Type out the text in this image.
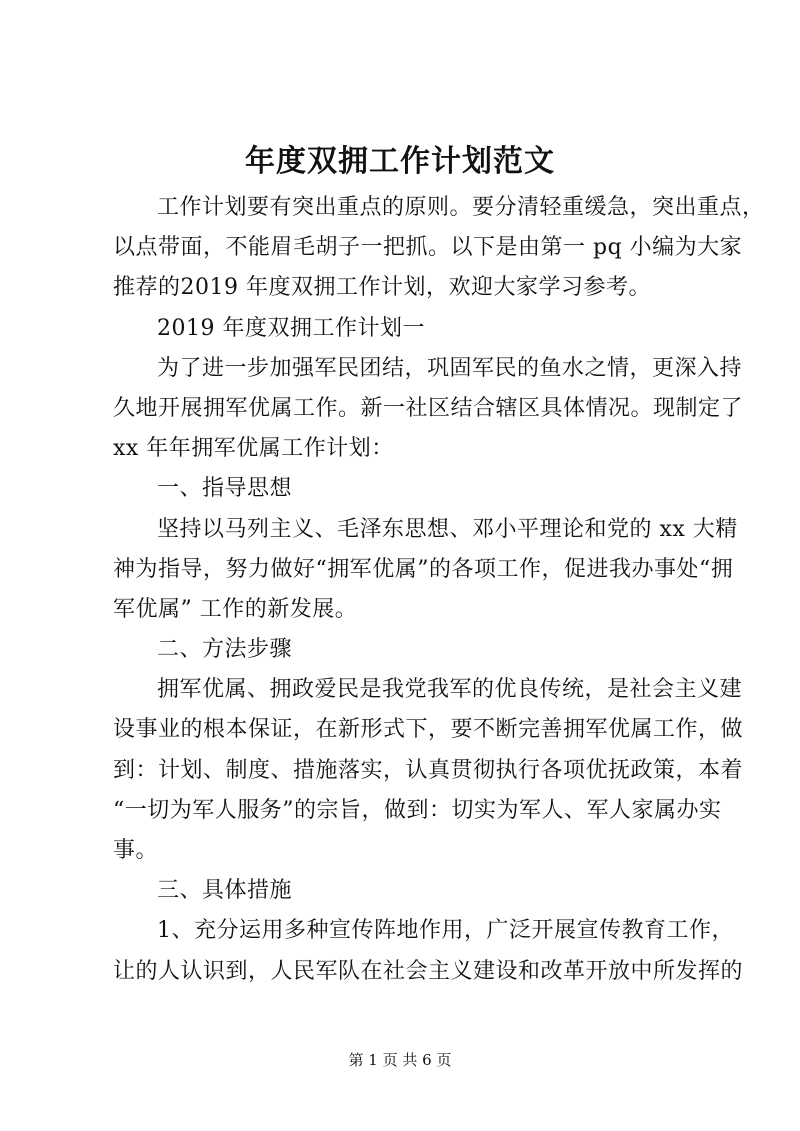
年度双拥工作计划范文
工作计划要有突出重点的原则。要分清轻重缓急，突出重点，
以点带面，不能眉毛胡子一把抓。以下是由第一 pq 小编为大家
推荐的2019 年度双拥工作计划，欢迎大家学习参考。
2019 年度双拥工作计划一
为了进一步加强军民团结，巩固军民的鱼水之情，更深入持
久地开展拥军优属工作。新一社区结合辖区具体情况。现制定了
xx 年年拥军优属工作计划：
一、指导思想
坚持以马列主义、毛泽东思想、邓小平理论和党的 xx 大精
神为指导，努力做好“拥军优属”的各项工作，促进我办事处“拥
军优属” 工作的新发展。
二、方法步骤
拥军优属、拥政爱民是我党我军的优良传统，是社会主义建
设事业的根本保证，在新形式下，要不断完善拥军优属工作，做
到：计划、制度、措施落实，认真贯彻执行各项优抚政策，本着
“一切为军人服务”的宗旨，做到：切实为军人、军人家属办实
事。
三、具体措施
1、充分运用多种宣传阵地作用，广泛开展宣传教育工作，
让的人认识到，人民军队在社会主义建设和改革开放中所发挥的
第 1 页 共 6 页
